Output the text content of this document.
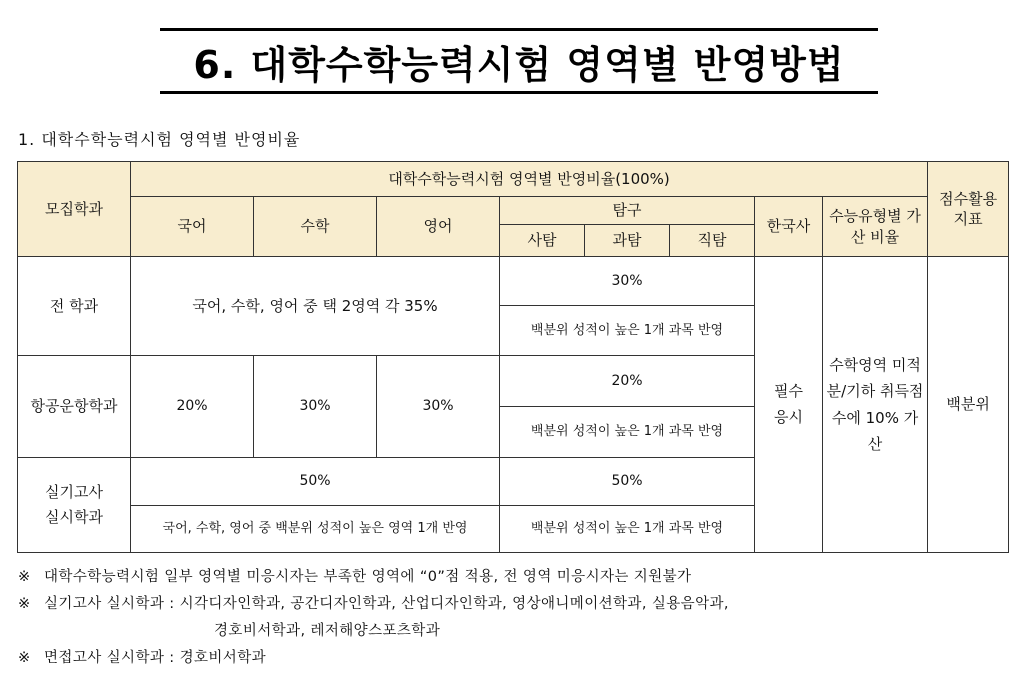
6. 대학수학능력시험 영역별 반영방법
1. 대학수학능력시험 영역별 반영비율
모집학과	대학수학능력시험 영역별 반영비율(100%)								점수활용 지표
	국어	수학	영어	탐구			한국사	수능유형별 가산 비율	
				사탐	과탐	직탐			
전 학과	국어, 수학, 영어 중 택 2영역 각 35%			30%			필수 응시	수학영역 미적분/기하 취득점수에 10% 가산	백분위
				백분위 성적이 높은 1개 과목 반영					
항공운항학과	20%	30%	30%	20%					
				백분위 성적이 높은 1개 과목 반영					
실기고사 실시학과	50%			50%					
	국어, 수학, 영어 중 백분위 성적이 높은 영역 1개 반영			백분위 성적이 높은 1개 과목 반영					
※ 대학수학능력시험 일부 영역별 미응시자는 부족한 영역에 “0”점 적용, 전 영역 미응시자는 지원불가
※ 실기고사 실시학과 : 시각디자인학과, 공간디자인학과, 산업디자인학과, 영상애니메이션학과, 실용음악과,
경호비서학과, 레저해양스포츠학과
※ 면접고사 실시학과 : 경호비서학과
